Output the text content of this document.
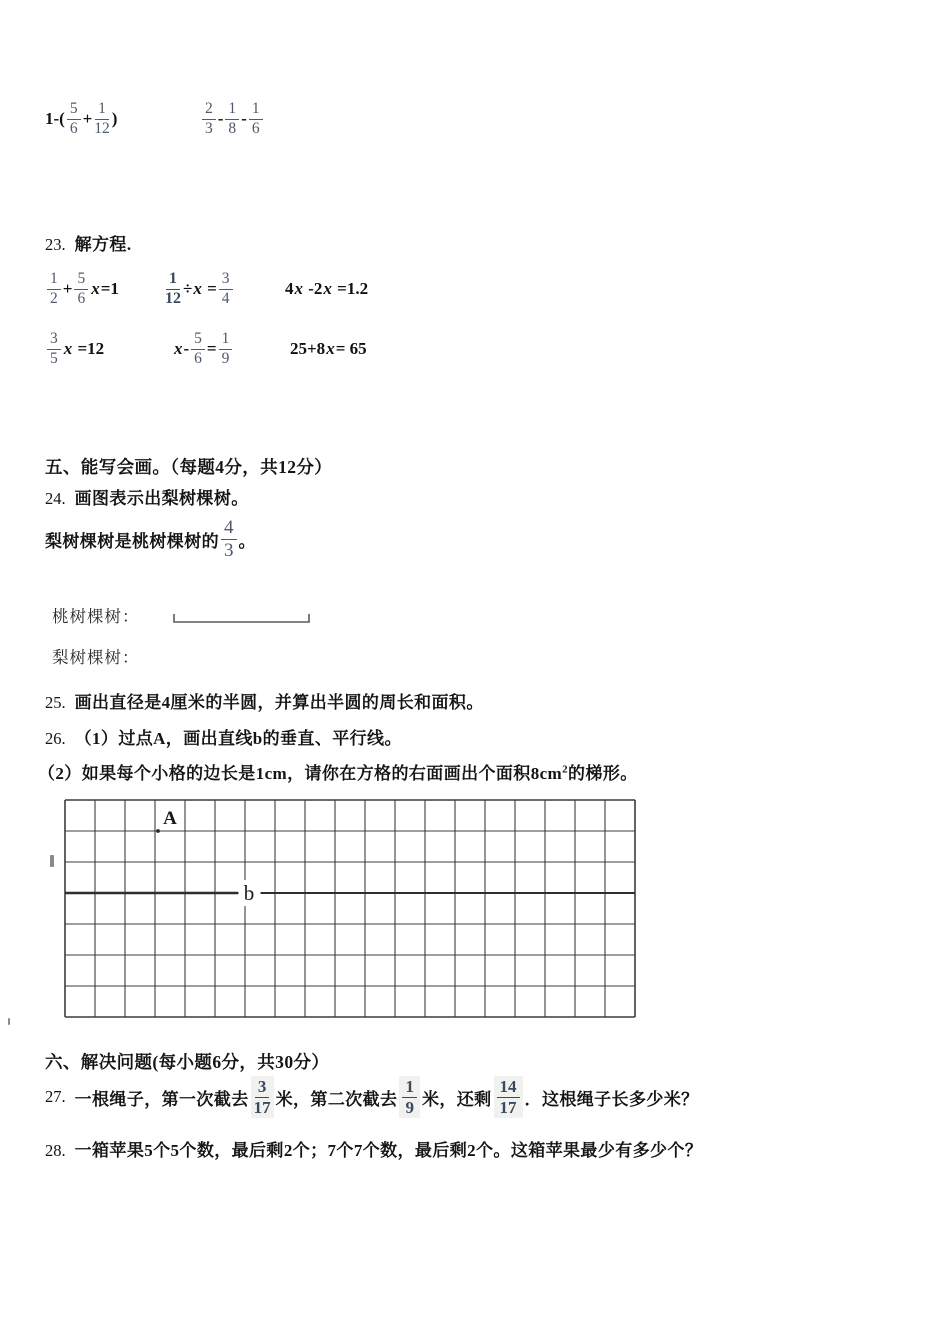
$1-( \frac{5}{6} + \frac{1}{12}$ )	$\frac{2}{3} - \frac{1}{8} - \frac{1}{6}$
23. 解方程.
$\frac{1}{2} + \frac{5}{6}$ x =1	$\frac{1}{12} \div x = \frac{3}{4}$	4 x -2 x =1.2
$\frac{3}{5}$ x =12	$x - \frac{5}{6} = \frac{1}{9}$	25+8 x = 65
五、能写会画。（每题4分，共12分）
24. 画图表示出梨树棵树。
梨树棵树是桃树棵树的 $\frac{4}{3}$ 。
桃树棵树：
梨树棵树：
25. 画出直径是4厘米的半圆，并算出半圆的周长和面积。
26. （1）过点A，画出直线b的垂直、平行线。
（2）如果每个小格的边长是1cm，请你在方格的右面画出个面积$8cm^2$的梯形。
b
A
六、解决问题(每小题6分，共30分）
27. 一根绳子，第一次截去 $\frac{3}{17}$ 米，第二次截去 $\frac{1}{9}$ 米，还剩 $\frac{14}{17}$ ．这根绳子长多少米？
28. 一箱苹果5个5个数，最后剩2个；7个7个数，最后剩2个。这箱苹果最少有多少个？
